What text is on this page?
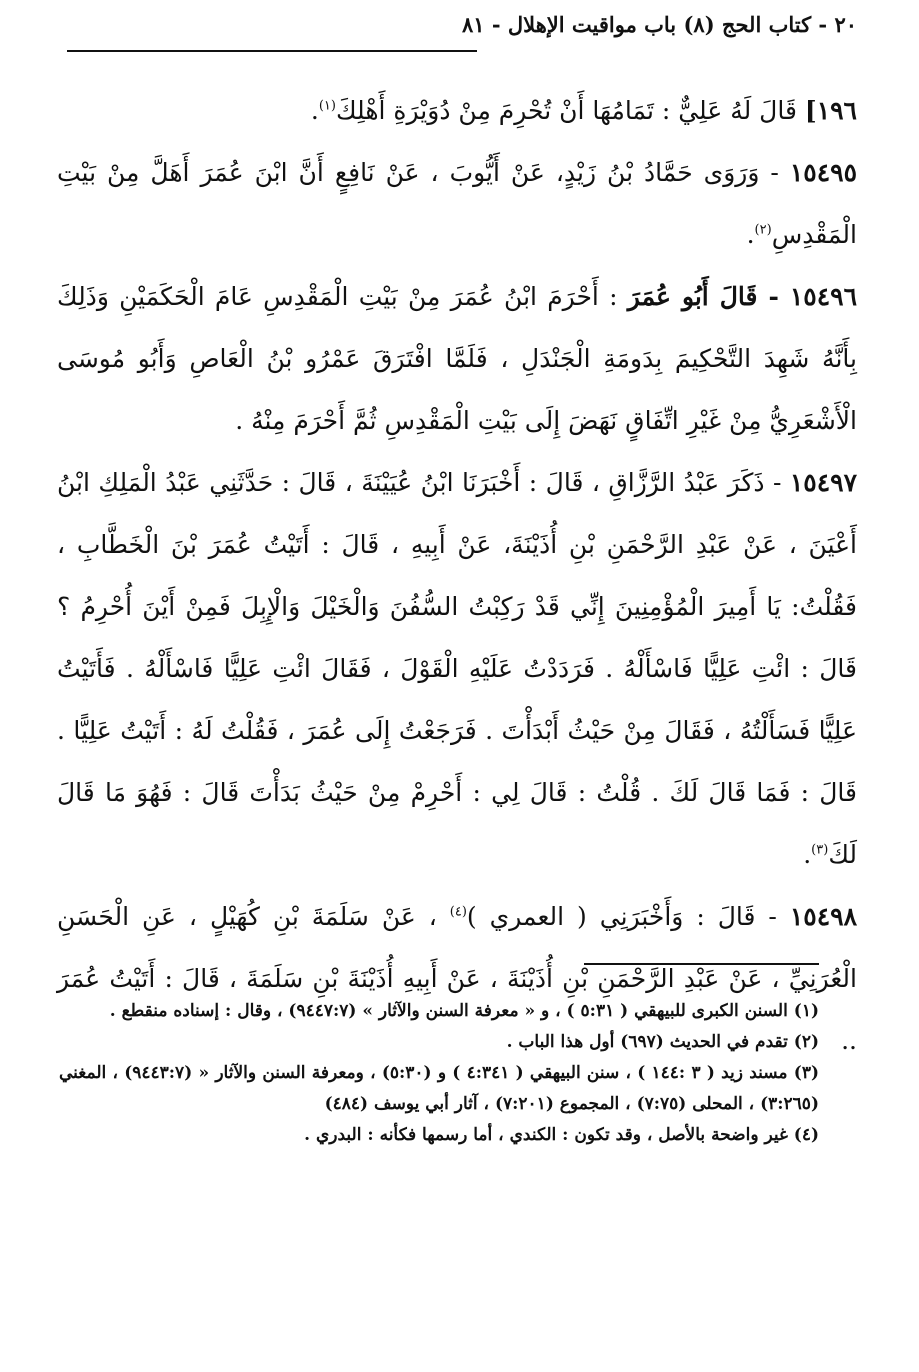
٢٠ - كتاب الحج (٨) باب مواقيت الإهلال - ٨١

١٩٦] قَالَ لَهُ عَلِيٌّ : تَمَامُهَا أَنْ تُحْرِمَ مِنْ دُوَيْرَةِ أَهْلِكَ$^{(١)}$.

١٥٤٩٥ - وَرَوَى حَمَّادُ بْنُ زَيْدٍ، عَنْ أَيُّوبَ ، عَنْ نَافِعٍ أَنَّ ابْنَ عُمَرَ أَهَلَّ مِنْ بَيْتِ الْمَقْدِسِ$^{(٢)}$.

١٥٤٩٦ - قَالَ أَبُو عُمَرَ : أَحْرَمَ ابْنُ عُمَرَ مِنْ بَيْتِ الْمَقْدِسِ عَامَ الْحَكَمَيْنِ وَذَلِكَ بِأَنَّهُ شَهِدَ التَّحْكِيمَ بِدَومَةِ الْجَنْدَلِ ، فَلَمَّا افْتَرَقَ عَمْرُو بْنُ الْعَاصِ وَأَبُو مُوسَى الْأَشْعَرِيُّ مِنْ غَيْرِ اتِّفَاقٍ نَهَضَ إِلَى بَيْتِ الْمَقْدِسِ ثُمَّ أَحْرَمَ مِنْهُ .

١٥٤٩٧ - ذَكَرَ عَبْدُ الرَّزَّاقِ ، قَالَ : أَخْبَرَنَا ابْنُ عُيَيْنَةَ ، قَالَ : حَدَّثَنِي عَبْدُ الْمَلِكِ ابْنُ أَعْيَنَ ، عَنْ عَبْدِ الرَّحْمَنِ بْنِ أُذَيْنَةَ، عَنْ أَبِيهِ ، قَالَ : أَتَيْتُ عُمَرَ بْنَ الْخَطَّابِ ، فَقُلْتُ: يَا أَمِيرَ الْمُؤْمِنِينَ إِنِّي قَدْ رَكِبْتُ السُّفُنَ وَالْخَيْلَ وَالْإِبِلَ فَمِنْ أَيْنَ أُحْرِمُ ؟ قَالَ : ائْتِ عَلِيًّا فَاسْأَلْهُ . فَرَدَدْتُ عَلَيْهِ الْقَوْلَ ، فَقَالَ ائْتِ عَلِيًّا فَاسْأَلْهُ . فَأَتَيْتُ عَلِيًّا فَسَأَلْتُهُ ، فَقَالَ مِنْ حَيْثُ أَبْدَأْتَ . فَرَجَعْتُ إِلَى عُمَرَ ، فَقُلْتُ لَهُ : أَتَيْتُ عَلِيًّا . قَالَ : فَمَا قَالَ لَكَ . قُلْتُ : قَالَ لِي : أَحْرِمْ مِنْ حَيْثُ بَدَأْتَ قَالَ : فَهُوَ مَا قَالَ لَكَ$^{(٣)}$.

١٥٤٩٨ - قَالَ : وَأَخْبَرَنِي ( العمري )$^{(٤)}$ ، عَنْ سَلَمَةَ بْنِ كُهَيْلٍ ، عَنِ الْحَسَنِ الْعُرَنِيِّ ، عَنْ عَبْدِ الرَّحْمَنِ بْنِ أُذَيْنَةَ ، عَنْ أَبِيهِ أُذَيْنَةَ بْنِ سَلَمَةَ ، قَالَ : أَتَيْتُ عُمَرَ ..

(١) السنن الكبرى للبيهقي ( ٥:٣١ ) ، و « معرفة السنن والآثار » (٩٤٤٧:٧) ، وقال : إسناده منقطع .

(٢) تقدم في الحديث (٦٩٧) أول هذا الباب .

(٣) مسند زيد ( ٣ :١٤٤ ) ، سنن البيهقي ( ٤:٣٤١ ) و (٥:٣٠) ، ومعرفة السنن والآثار « (٩٤٤٣:٧) ، المغني (٣:٢٦٥) ، المحلى (٧:٧٥) ، المجموع (٧:٢٠١) ، آثار أبي يوسف (٤٨٤)

(٤) غير واضحة بالأصل ، وقد تكون : الكندي ، أما رسمها فكأنه : البدري .
